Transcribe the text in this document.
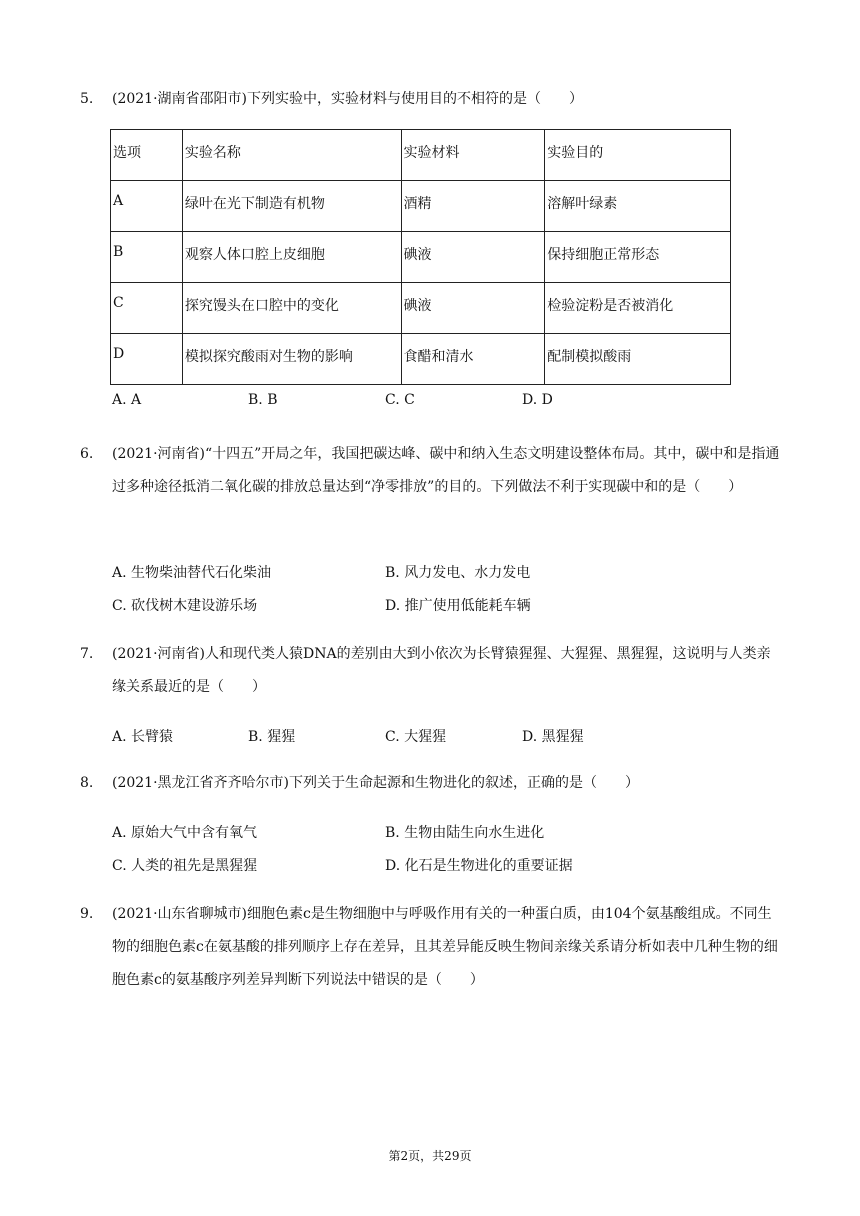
5. (2021·湖南省邵阳市)下列实验中，实验材料与使用目的不相符的是（　　）
选项	实验名称	实验材料	实验目的
A	绿叶在光下制造有机物	酒精	溶解叶绿素
B	观察人体口腔上皮细胞	碘液	保持细胞正常形态
C	探究馒头在口腔中的变化	碘液	检验淀粉是否被消化
D	模拟探究酸雨对生物的影响	食醋和清水	配制模拟酸雨
A. A	B. B	C. C	D. D
6. (2021·河南省)“十四五”开局之年，我国把碳达峰、碳中和纳入生态文明建设整体布局。其中，碳中和是指通过多种途径抵消二氧化碳的排放总量达到“净零排放”的目的。下列做法不利于实现碳中和的是（　　）
A. 生物柴油替代石化柴油	B. 风力发电、水力发电
C. 砍伐树木建设游乐场	D. 推广使用低能耗车辆
7. (2021·河南省)人和现代类人猿DNA的差别由大到小依次为长臂猿猩猩、大猩猩、黑猩猩，这说明与人类亲缘关系最近的是（　　）
A. 长臂猿	B. 猩猩	C. 大猩猩	D. 黑猩猩
8. (2021·黑龙江省齐齐哈尔市)下列关于生命起源和生物进化的叙述，正确的是（　　）
A. 原始大气中含有氧气	B. 生物由陆生向水生进化
C. 人类的祖先是黑猩猩	D. 化石是生物进化的重要证据
9. (2021·山东省聊城市)细胞色素c是生物细胞中与呼吸作用有关的一种蛋白质，由104个氨基酸组成。不同生物的细胞色素c在氨基酸的排列顺序上存在差异，且其差异能反映生物间亲缘关系请分析如表中几种生物的细胞色素c的氨基酸序列差异判断下列说法中错误的是（　　）
第2页，共29页
